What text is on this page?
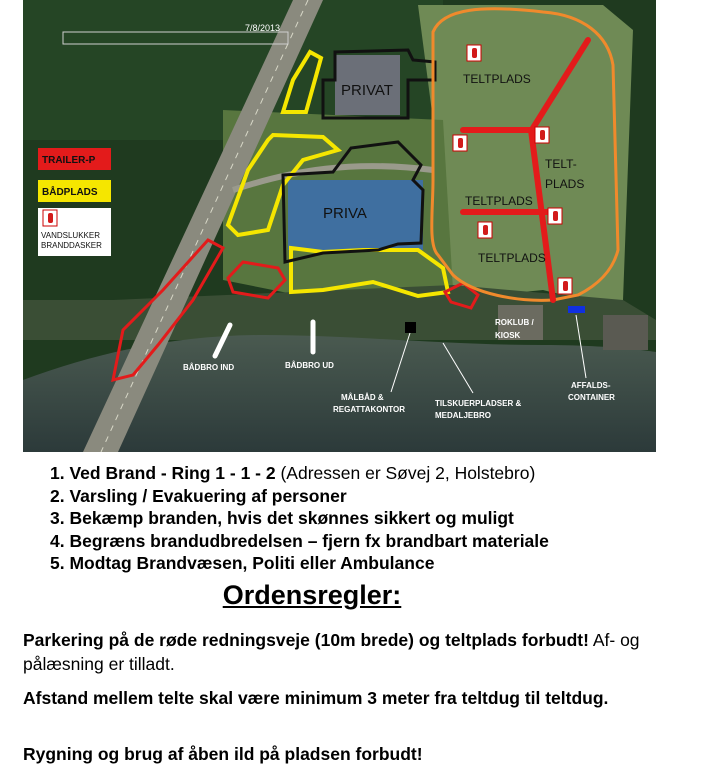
7/8/2013
PRIVAT
PRIVA
TELTPLADS
TELTPLADS
TELTPLADS
TELT-
PLADS
TRAILER-P
BÅDPLADS
VANDSLUKKER
BRANDDASKER
BÅDBRO IND	BÅDBRO UD
MÅLBÅD &
REGATTAKONTOR
TILSKUERPLADSER &
MEDALJEBRO
ROKLUB /
KIOSK
AFFALDS-
CONTAINER
1. Ved Brand - Ring 1 - 1 - 2 (Adressen er Søvej 2, Holstebro)
2. Varsling / Evakuering af personer
3. Bekæmp branden, hvis det skønnes sikkert og muligt
4. Begræns brandudbredelsen – fjern fx brandbart materiale
5. Modtag Brandvæsen, Politi eller Ambulance
Ordensregler:
Parkering på de røde redningsveje (10m brede) og teltplads forbudt! Af- og pålæsning er tilladt.
Afstand mellem telte skal være minimum 3 meter fra teltdug til teltdug.
Rygning og brug af åben ild på pladsen forbudt!
